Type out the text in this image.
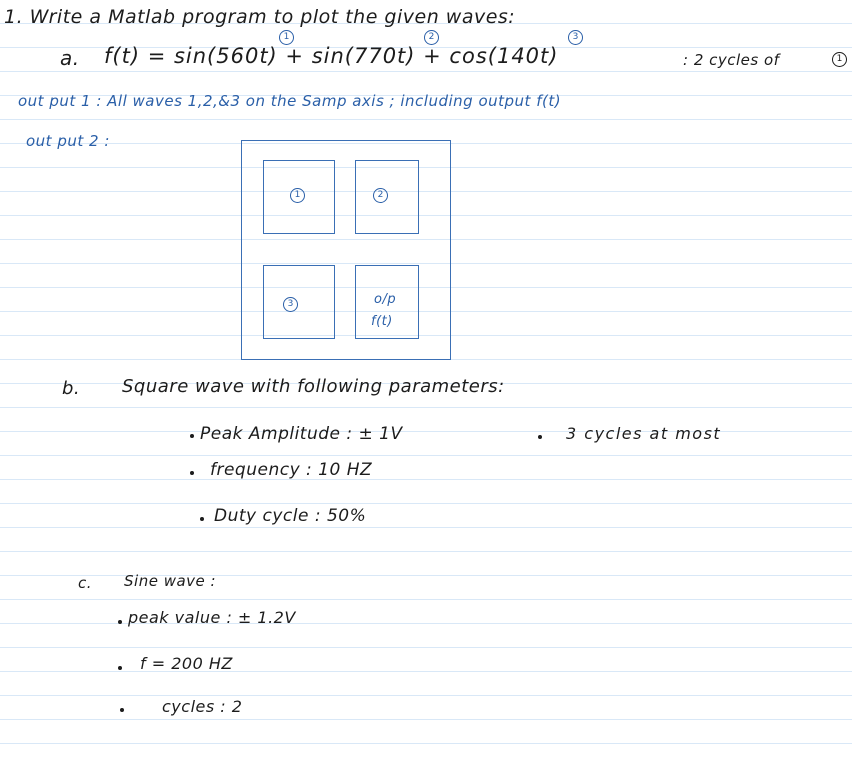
1. Write a Matlab program to plot the given waves:
a. f(t) = sin(560t) + sin(770t) + cos(140t)
1	2	3
: 2 cycles of	1
out put 1 : All waves 1,2,&3 on the Samp axis ; including output f(t)
out put 2 :
1	2
3	o/p
f(t)
b. Square wave with following parameters:
Peak Amplitude : ± 1V
frequency : 10 HZ
Duty cycle : 50%
3 cycles at most
c. Sine wave :
peak value : ± 1.2V
f = 200 HZ
cycles : 2
